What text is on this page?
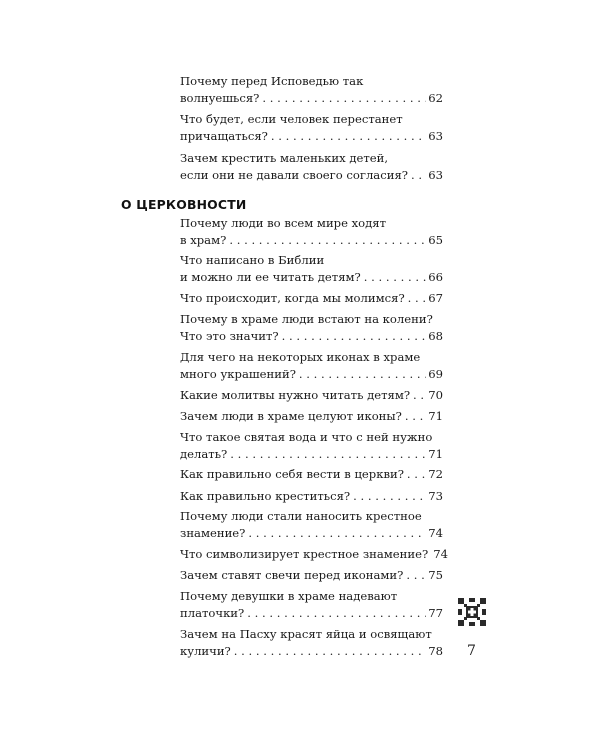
Почему перед Исповедью так
волнуешься? . . .	62
Что будет, если человек перестанет
причащаться? . . .	63
Зачем крестить маленьких детей,
если они не давали своего согласия? . . . 63
О ЦЕРКОВНОСТИ
Почему люди во всем мире ходят
в храм? . . .	65
Что написано в Библии
и можно ли ее читать детям? . . .	66
Что происходит, когда мы молимся? . . . 67
Почему в храме люди встают на колени?
Что это значит? . . .	68
Для чего на некоторых иконах в храме
много украшений? . . .	69
Какие молитвы нужно читать детям? . . . 70
Зачем люди в храме целуют иконы? . . . 71
Что такое святая вода и что с ней нужно
делать? . . .	71
Как правильно себя вести в церкви? . . . 72
Как правильно креститься? . . .	73
Почему люди стали наносить крестное
знамение? . . .	74
Что символизирует крестное знамение? 74
Зачем ставят свечи перед иконами? . . . 75
Почему девушки в храме надевают
платочки? . . .	77
Зачем на Пасху красят яйца и освящают
куличи? . . .	78 7
